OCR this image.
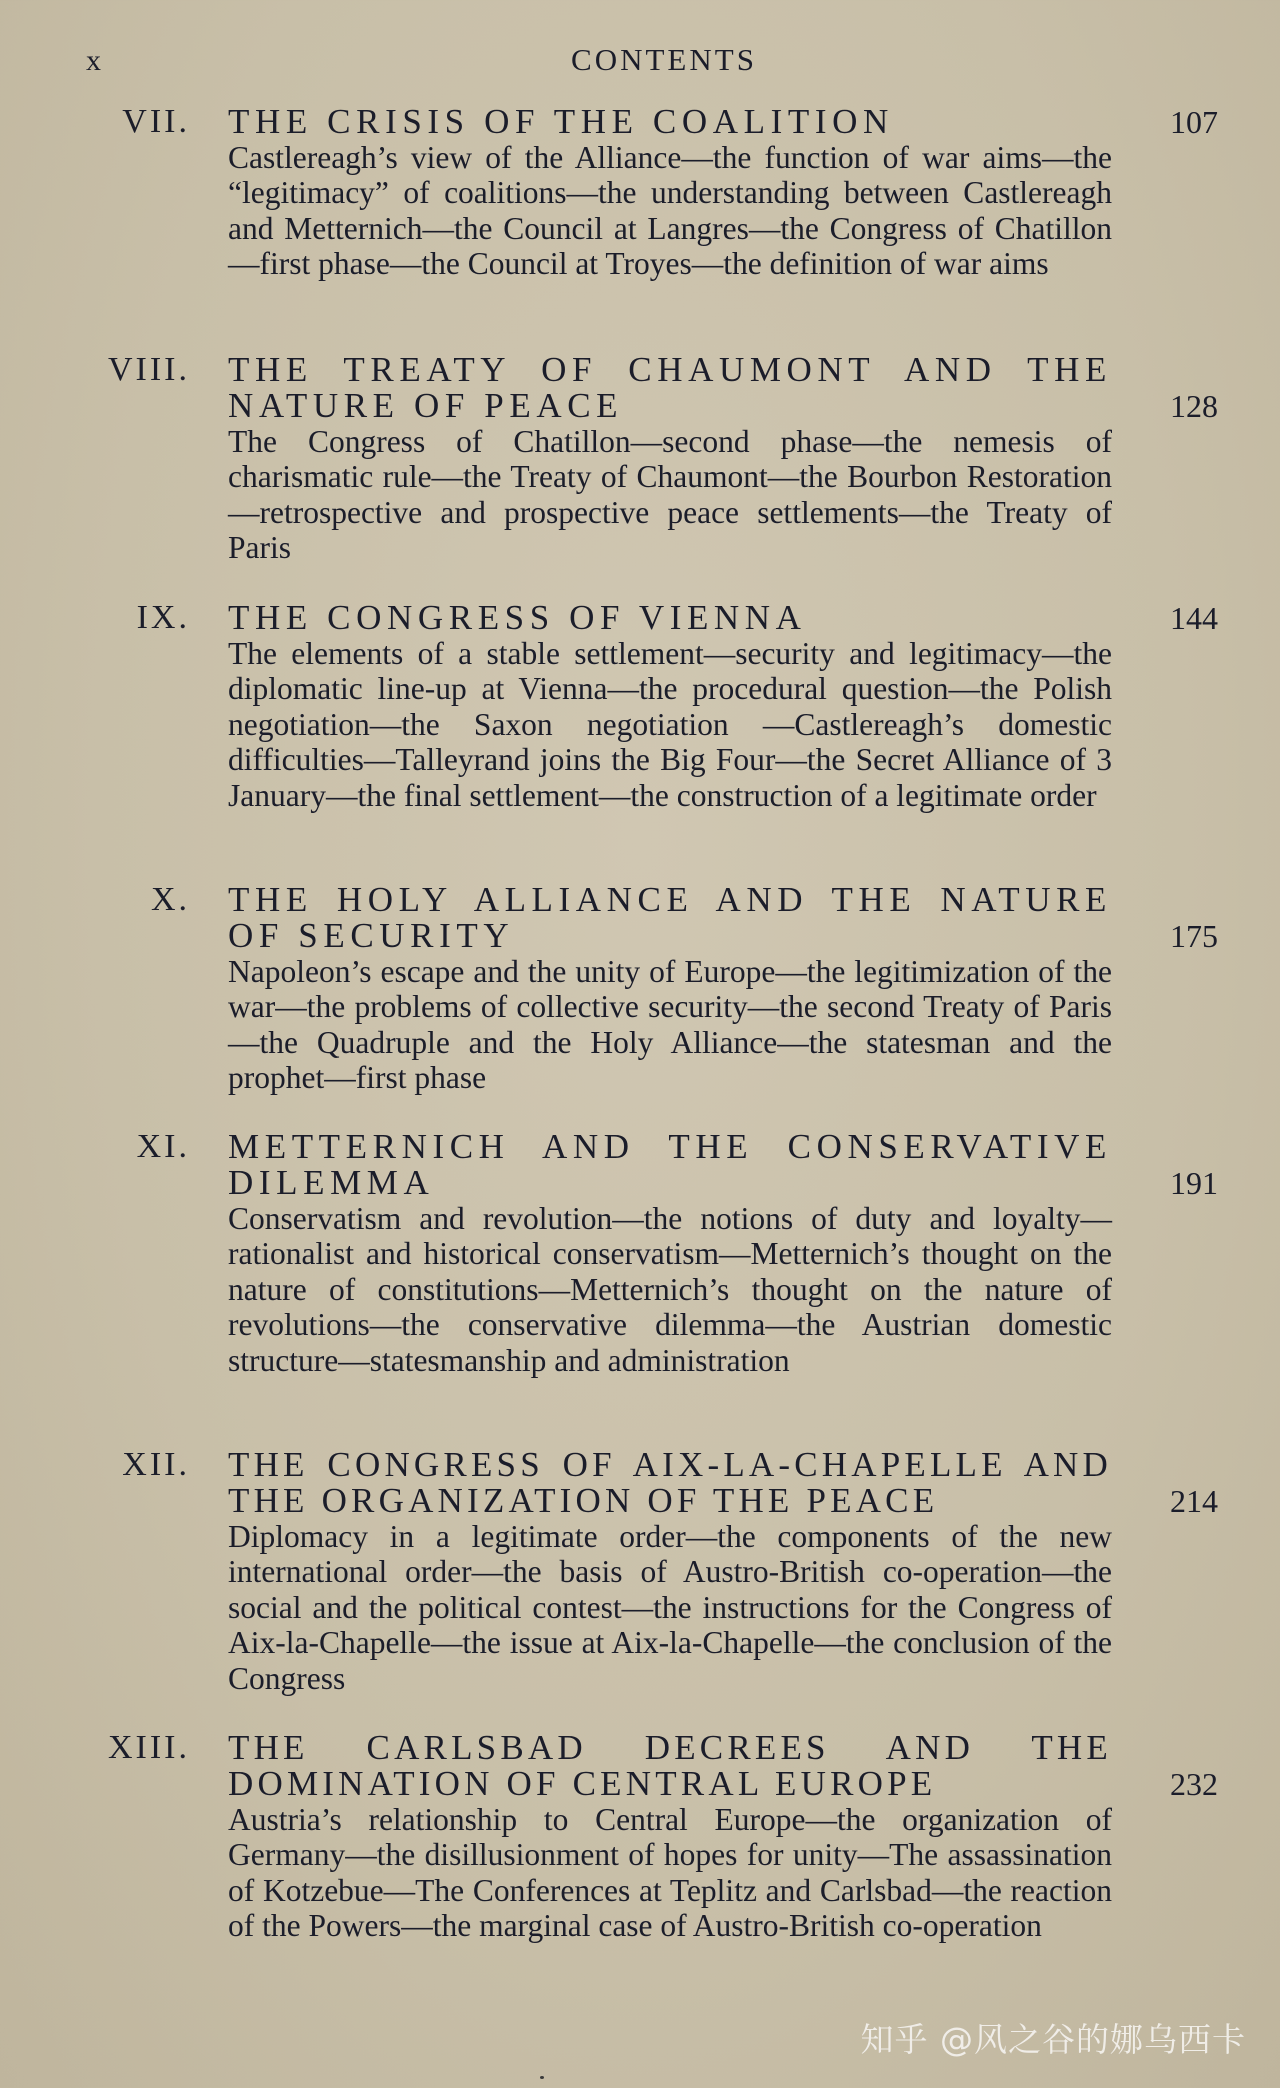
x	CONTENTS
VII. THE CRISIS OF THE COALITION	107
Castlereagh’s view of the Alliance—the function of war aims—the “legitimacy” of coalitions—the understanding between Castlereagh and Metternich—the Council at Langres—the Congress of Chatillon—first phase—the Council at Troyes—the definition of war aims
VIII. THE TREATY OF CHAUMONT AND THE NATURE OF PEACE	128
The Congress of Chatillon—second phase—the nemesis of charismatic rule—the Treaty of Chaumont—the Bourbon Restoration—retrospective and prospective peace settlements—the Treaty of Paris
IX. THE CONGRESS OF VIENNA	144
The elements of a stable settlement—security and legitimacy—the diplomatic line-up at Vienna—the procedural question—the Polish negotiation—the Saxon negotiation —Castlereagh’s domestic difficulties—Talleyrand joins the Big Four—the Secret Alliance of 3 January—the final settlement—the construction of a legitimate order
X. THE HOLY ALLIANCE AND THE NATURE OF SECURITY	175
Napoleon’s escape and the unity of Europe—the legitimization of the war—the problems of collective security—the second Treaty of Paris—the Quadruple and the Holy Alliance—the statesman and the prophet—first phase
XI. METTERNICH AND THE CONSERVATIVE DILEMMA	191
Conservatism and revolution—the notions of duty and loyalty—rationalist and historical conservatism—Metternich’s thought on the nature of constitutions—Metternich’s thought on the nature of revolutions—the conservative dilemma—the Austrian domestic structure—statesmanship and administration
XII. THE CONGRESS OF AIX-LA-CHAPELLE AND THE ORGANIZATION OF THE PEACE	214
Diplomacy in a legitimate order—the components of the new international order—the basis of Austro-British co-operation—the social and the political contest—the instructions for the Congress of Aix-la-Chapelle—the issue at Aix-la-Chapelle—the conclusion of the Congress
XIII. THE CARLSBAD DECREES AND THE DOMINATION OF CENTRAL EUROPE	232
Austria’s relationship to Central Europe—the organization of Germany—the disillusionment of hopes for unity—The assassination of Kotzebue—The Conferences at Teplitz and Carlsbad—the reaction of the Powers—the marginal case of Austro-British co-operation
知乎 @风之谷的娜乌西卡
